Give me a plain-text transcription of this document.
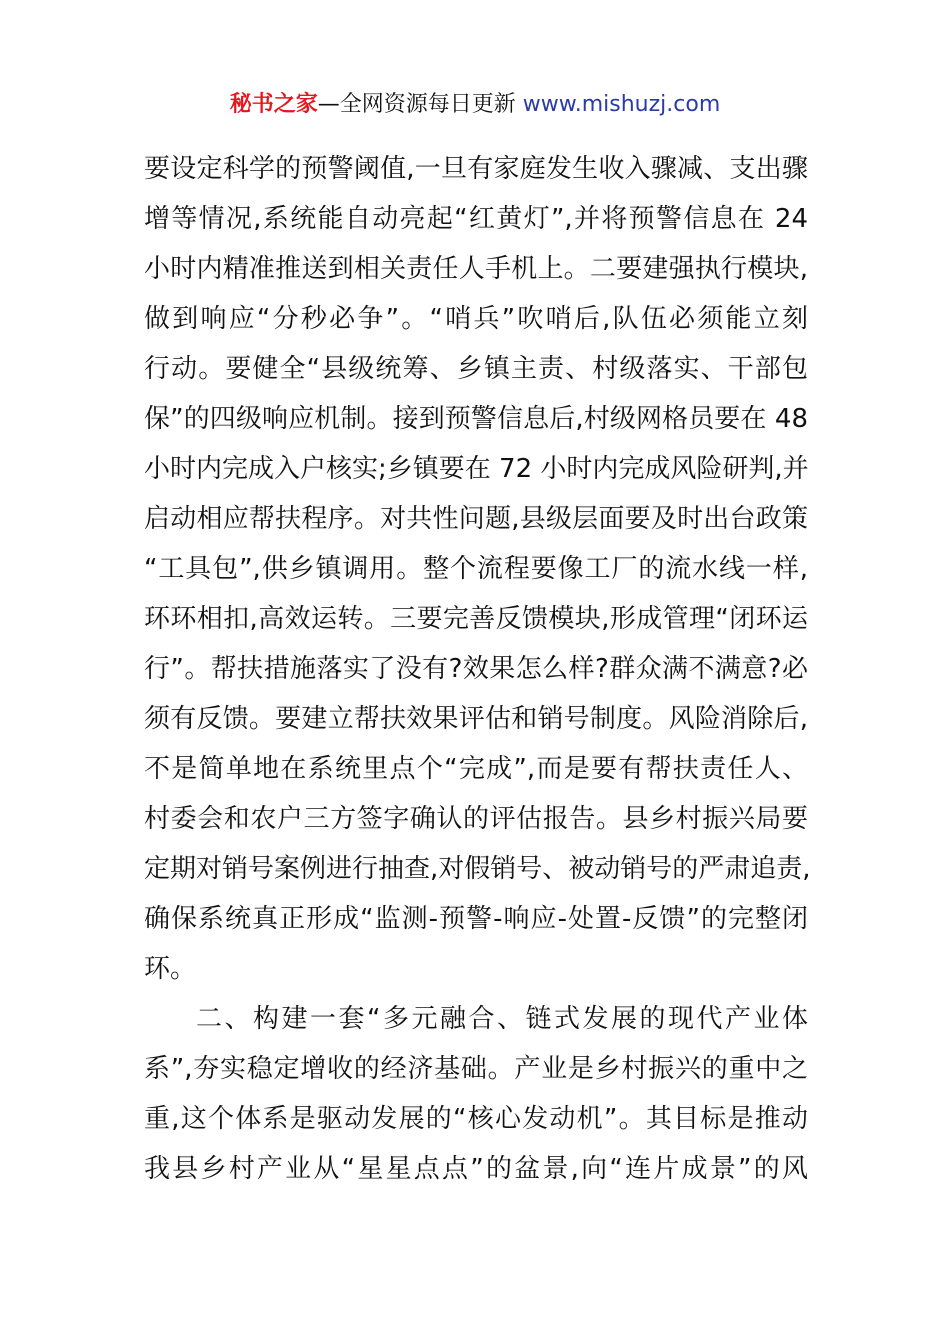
秘书之家—全网资源每日更新 www.mishuzj.com
要设定科学的预警阈值,一旦有家庭发生收入骤减、支出骤
增等情况,系统能自动亮起“红黄灯”,并将预警信息在 24
小时内精准推送到相关责任人手机上。二要建强执行模块,
做到响应“分秒必争”。“哨兵”吹哨后,队伍必须能立刻
行动。要健全“县级统筹、乡镇主责、村级落实、干部包
保”的四级响应机制。接到预警信息后,村级网格员要在 48
小时内完成入户核实;乡镇要在 72 小时内完成风险研判,并
启动相应帮扶程序。对共性问题,县级层面要及时出台政策
“工具包”,供乡镇调用。整个流程要像工厂的流水线一样,
环环相扣,高效运转。三要完善反馈模块,形成管理“闭环运
行”。帮扶措施落实了没有?效果怎么样?群众满不满意?必
须有反馈。要建立帮扶效果评估和销号制度。风险消除后,
不是简单地在系统里点个“完成”,而是要有帮扶责任人、
村委会和农户三方签字确认的评估报告。县乡村振兴局要
定期对销号案例进行抽查,对假销号、被动销号的严肃追责,
确保系统真正形成“监测-预警-响应-处置-反馈”的完整闭
环。
二、构建一套“多元融合、链式发展的现代产业体
系”,夯实稳定增收的经济基础。产业是乡村振兴的重中之
重,这个体系是驱动发展的“核心发动机”。其目标是推动
我县乡村产业从“星星点点”的盆景,向“连片成景”的风
